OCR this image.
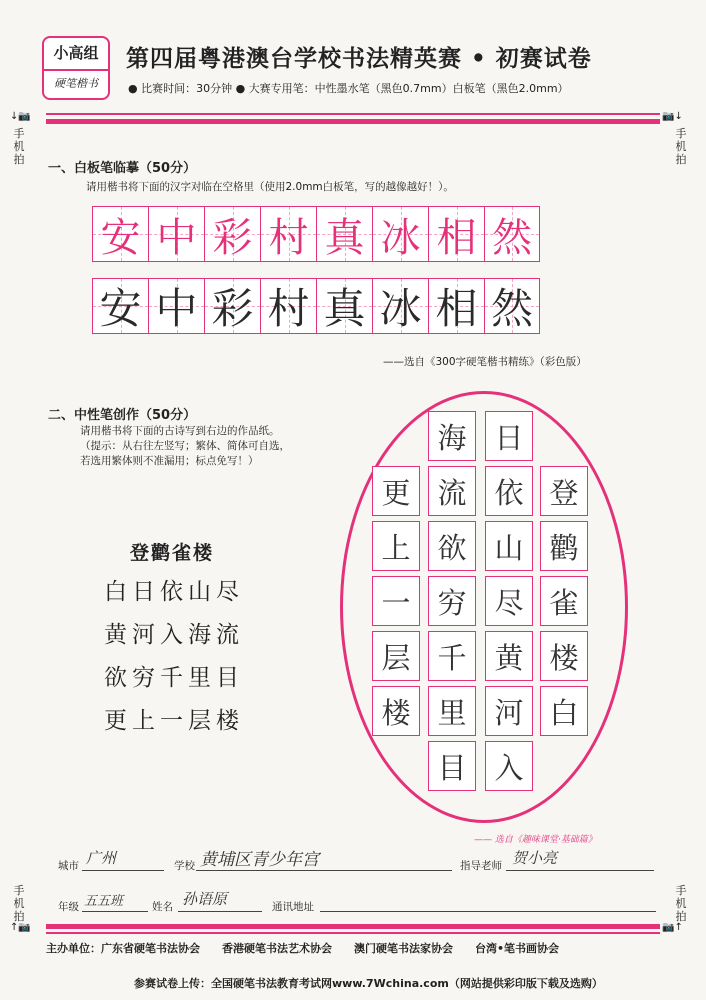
小高组
硬笔楷书
第四届粤港澳台学校书法精英赛 • 初赛试卷
● 比赛时间：30分钟 ● 大赛专用笔：中性墨水笔（黑色0.7mm）白板笔（黑色2.0mm）
↓📷
手机拍
📷↓
手机拍
一、白板笔临摹（50分）
请用楷书将下面的汉字对临在空格里（使用2.0mm白板笔，写的越像越好！）。
安 中 彩 村 真 冰 相 然
安 中 彩 村 真 冰 相 然
——选自《300字硬笔楷书精练》（彩色版）
二、中性笔创作（50分）
请用楷书将下面的古诗写到右边的作品纸。
（提示：从右往左竖写；繁体、简体可自选，
若选用繁体则不准漏用；标点免写！）
登鹳雀楼
白日依山尽
黄河入海流
欲穷千里目
更上一层楼
登
鹳
雀
楼
白
日
依
山
尽
黄
河
入
海
流
欲
穷
千
里
目
更
上
一
层
楼
—— 选自《趣味课堂·基础篇》
城市 广州	学校 黄埔区青少年宫	指导老师 贺小亮
年级 五五班	姓名 孙语原	通讯地址
手机拍
↑📷
手机拍
📷↑
主办单位：广东省硬笔书法协会　　香港硬笔书法艺术协会　　澳门硬笔书法家协会　　台湾•笔书画协会
参赛试卷上传：全国硬笔书法教育考试网www.7Wchina.com（网站提供彩印版下载及选购）
